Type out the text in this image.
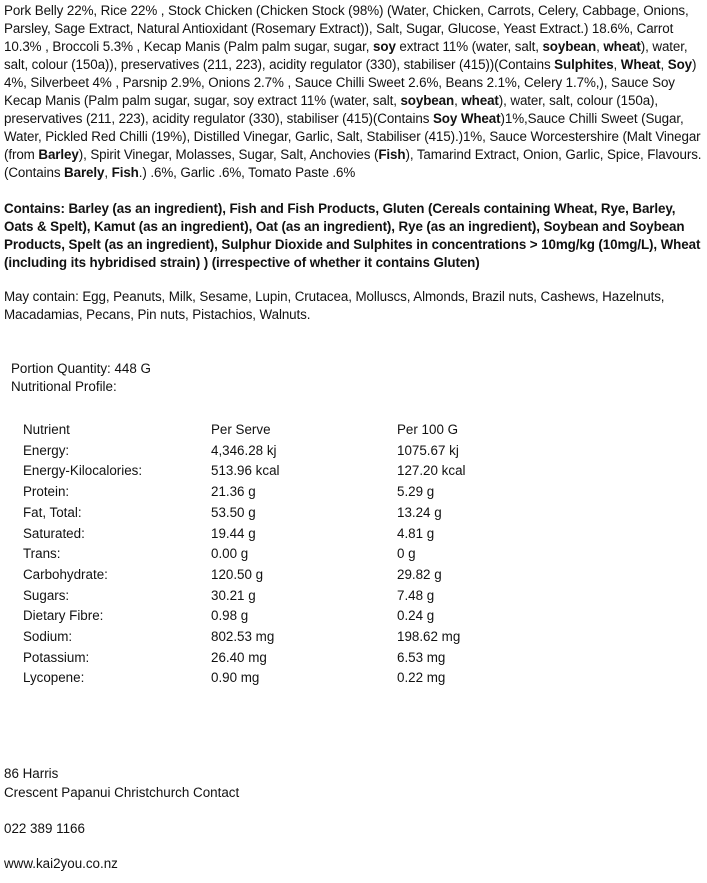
Pork Belly 22%, Rice 22% , Stock Chicken (Chicken Stock (98%) (Water, Chicken, Carrots, Celery, Cabbage, Onions, Parsley, Sage Extract, Natural Antioxidant (Rosemary Extract)), Salt, Sugar, Glucose, Yeast Extract.) 18.6%, Carrot 10.3% , Broccoli 5.3% , Kecap Manis (Palm palm sugar, sugar, soy extract 11% (water, salt, soybean, wheat), water, salt, colour (150a)), preservatives (211, 223), acidity regulator (330), stabiliser (415))(Contains Sulphites, Wheat, Soy) 4%, Silverbeet 4% , Parsnip 2.9%, Onions 2.7% , Sauce Chilli Sweet 2.6%, Beans 2.1%, Celery 1.7%,), Sauce Soy Kecap Manis (Palm palm sugar, sugar, soy extract 11% (water, salt, soybean, wheat), water, salt, colour (150a), preservatives (211, 223), acidity regulator (330), stabiliser (415)(Contains Soy Wheat)1%,Sauce Chilli Sweet (Sugar, Water, Pickled Red Chilli (19%), Distilled Vinegar, Garlic, Salt, Stabiliser (415).)1%, Sauce Worcestershire (Malt Vinegar (from Barley), Spirit Vinegar, Molasses, Sugar, Salt, Anchovies (Fish), Tamarind Extract, Onion, Garlic, Spice, Flavours. (Contains Barely, Fish.) .6%, Garlic .6%, Tomato Paste .6%

Contains: Barley (as an ingredient), Fish and Fish Products, Gluten (Cereals containing Wheat, Rye, Barley, Oats & Spelt), Kamut (as an ingredient), Oat (as an ingredient), Rye (as an ingredient), Soybean and Soybean Products, Spelt (as an ingredient), Sulphur Dioxide and Sulphites in concentrations > 10mg/kg (10mg/L), Wheat (including its hybridised strain) ) (irrespective of whether it contains Gluten)

May contain: Egg, Peanuts, Milk, Sesame, Lupin, Crutacea, Molluscs, Almonds, Brazil nuts, Cashews, Hazelnuts, Macadamias, Pecans, Pin nuts, Pistachios, Walnuts.

Portion Quantity: 448 G

Nutritional Profile:

Nutrient	Per Serve	Per 100 G
Energy:	4,346.28 kj	1075.67 kj
Energy-Kilocalories:	513.96 kcal	127.20 kcal
Protein:	21.36 g	5.29 g
Fat, Total:	53.50 g	13.24 g
Saturated:	19.44 g	4.81 g
Trans:	0.00 g	0 g
Carbohydrate:	120.50 g	29.82 g
Sugars:	30.21 g	7.48 g
Dietary Fibre:	0.98 g	0.24 g
Sodium:	802.53 mg	198.62 mg
Potassium:	26.40 mg	6.53 mg
Lycopene:	0.90 mg	0.22 mg

86 Harris

Crescent Papanui Christchurch Contact

022 389 1166

www.kai2you.co.nz
